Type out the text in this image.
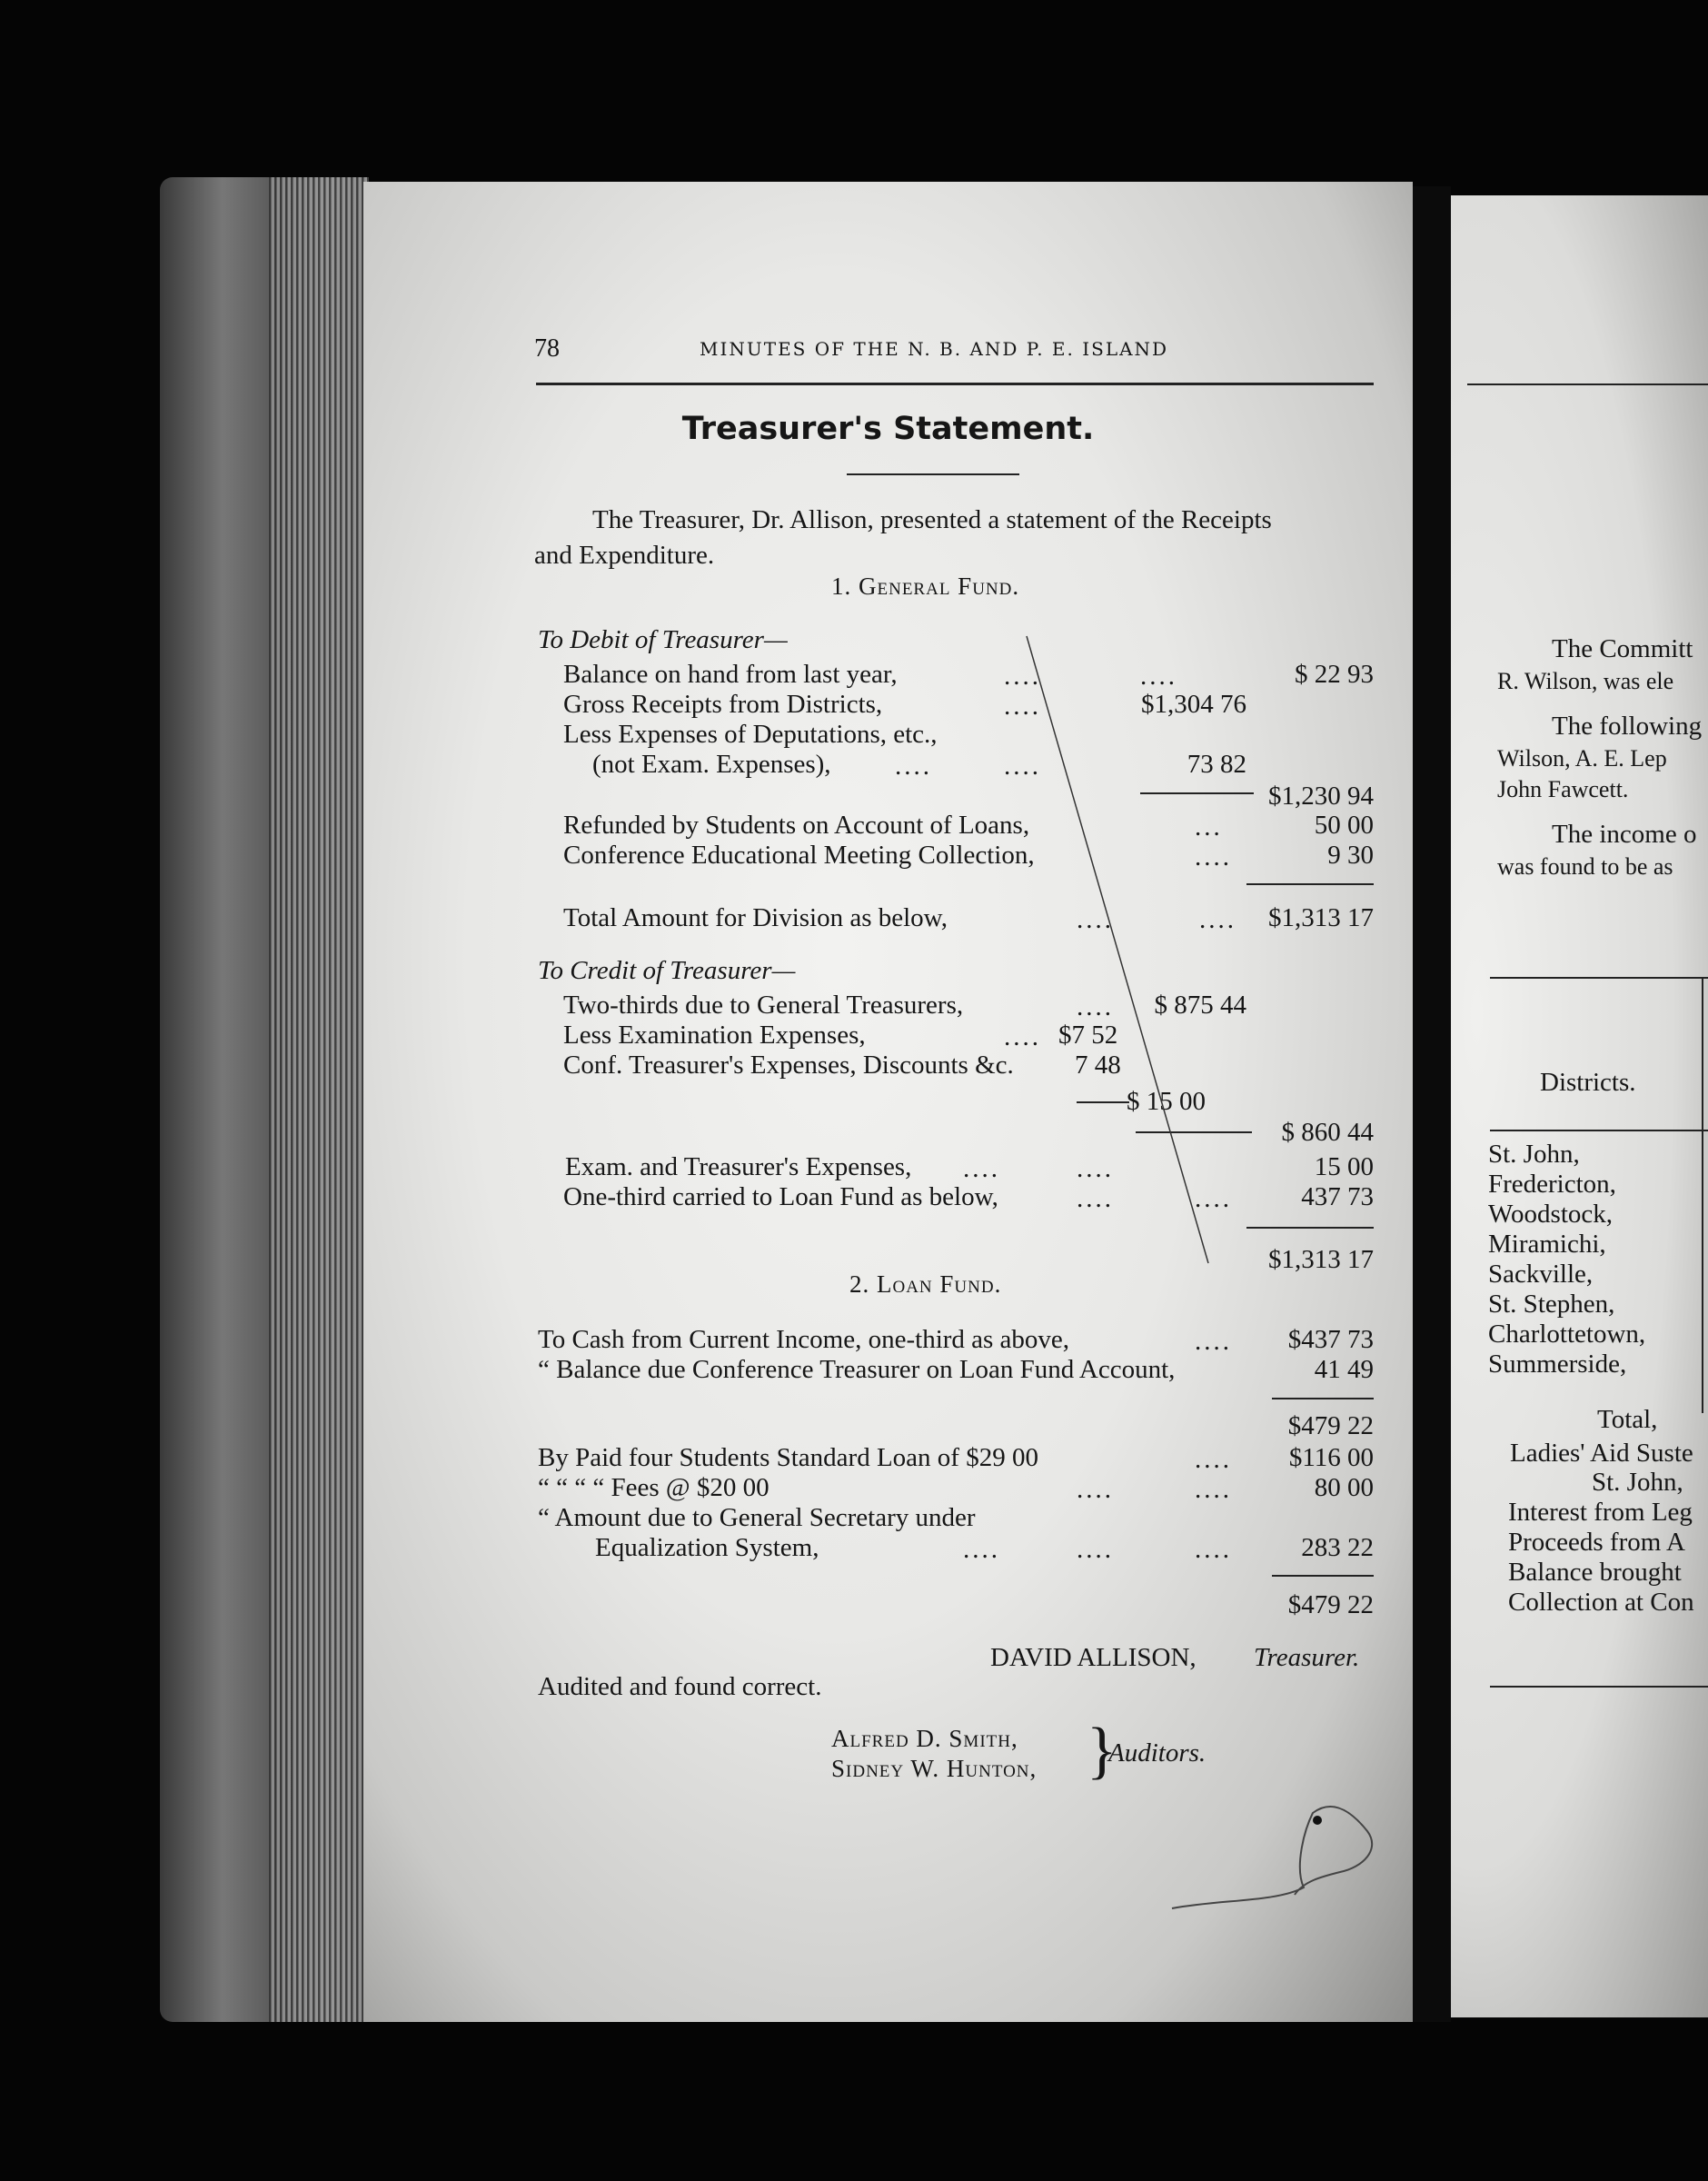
78	MINUTES OF THE N. B. AND P. E. ISLAND
Treasurer's Statement.
The Treasurer, Dr. Allison, presented a statement of the Receipts
and Expenditure.
1. General Fund.
To Debit of Treasurer—
Balance on hand from last year,	....	....	$ 22 93
Gross Receipts from Districts,	....	$1,304 76
Less Expenses of Deputations, etc.,
(not Exam. Expenses), ....	....	73 82
$1,230 94
Refunded by Students on Account of Loans,	...	50 00
Conference Educational Meeting Collection,	....	9 30
Total Amount for Division as below,	....	....	$1,313 17
To Credit of Treasurer—
Two-thirds due to General Treasurers,	....	$ 875 44
Less Examination Expenses,	.... $7 52
Conf. Treasurer's Expenses, Discounts &c. 7 48
$ 15 00
$ 860 44
Exam. and Treasurer's Expenses, ....	....	15 00
One-third carried to Loan Fund as below,	....	....	437 73
$1,313 17
2. Loan Fund.
To Cash from Current Income, one-third as above,	....	$437 73
“ Balance due Conference Treasurer on Loan Fund Account,	41 49
$479 22
By Paid four Students Standard Loan of $29 00	....	$116 00
“ “ “ “ Fees @ $20 00	....	....	80 00
“ Amount due to General Secretary under
Equalization System,	....	....	....	283 22
$479 22
DAVID ALLISON, Treasurer.
Audited and found correct.
Alfred D. Smith,
Sidney W. Hunton, }
Auditors.
The Committ
R. Wilson, was ele
The following
Wilson, A. E. Lep
John Fawcett.
The income o
was found to be as
Districts.
St. John,
Fredericton,
Woodstock,
Miramichi,
Sackville,
St. Stephen,
Charlottetown,
Summerside,
Total,
Ladies' Aid Suste
St. John,
Interest from Leg
Proceeds from A
Balance brought
Collection at Con
